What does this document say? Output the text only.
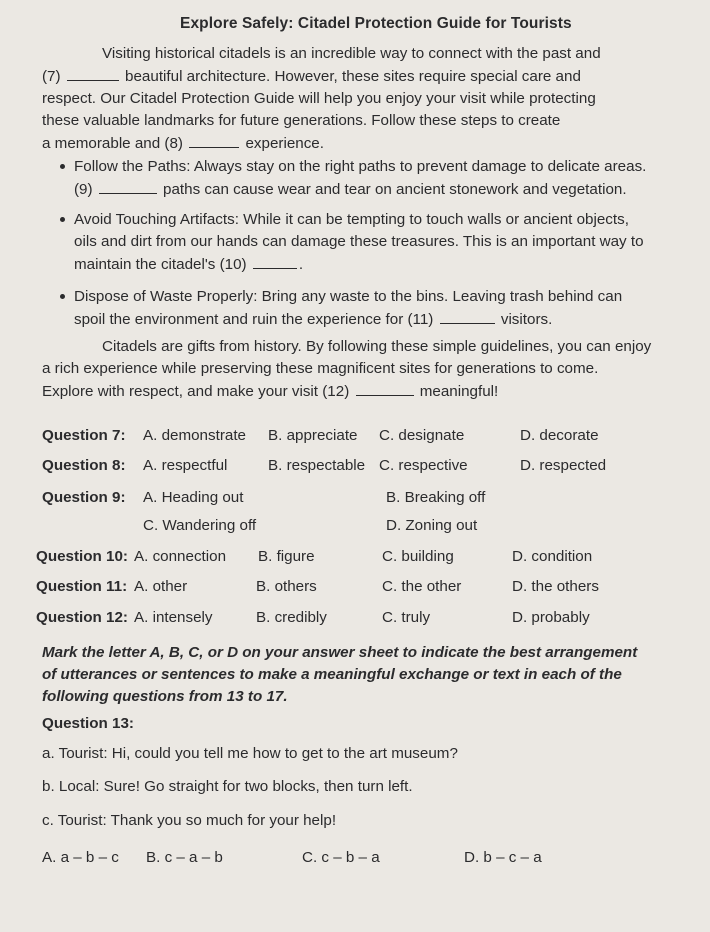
Explore Safely: Citadel Protection Guide for Tourists
Visiting historical citadels is an incredible way to connect with the past and
(7)	beautiful architecture. However, these sites require special care and
respect. Our Citadel Protection Guide will help you enjoy your visit while protecting
these valuable landmarks for future generations. Follow these steps to create
a memorable and (8)	experience.
Follow the Paths: Always stay on the right paths to prevent damage to delicate areas.
(9)	paths can cause wear and tear on ancient stonework and vegetation.
Avoid Touching Artifacts: While it can be tempting to touch walls or ancient objects,
oils and dirt from our hands can damage these treasures. This is an important way to
maintain the citadel's (10)	.
Dispose of Waste Properly: Bring any waste to the bins. Leaving trash behind can
spoil the environment and ruin the experience for (11)	visitors.
Citadels are gifts from history. By following these simple guidelines, you can enjoy
a rich experience while preserving these magnificent sites for generations to come.
Explore with respect, and make your visit (12)	meaningful!
Question 7: A. demonstrate B. appreciate C. designate	D. decorate
Question 8: A. respectful	B. respectable C. respective	D. respected
Question 9: A. Heading out	B. Breaking off
C. Wandering off	D. Zoning out
Question 10: A. connection B. figure	C. building	D. condition
Question 11: A. other	B. others	C. the other	D. the others
Question 12: A. intensely	B. credibly	C. truly	D. probably
Mark the letter A, B, C, or D on your answer sheet to indicate the best arrangement
of utterances or sentences to make a meaningful exchange or text in each of the
following questions from 13 to 17.
Question 13:
a. Tourist: Hi, could you tell me how to get to the art museum?
b. Local: Sure! Go straight for two blocks, then turn left.
c. Tourist: Thank you so much for your help!
A. a – b – c B. c – a – b	C. c – b – a	D. b – c – a
